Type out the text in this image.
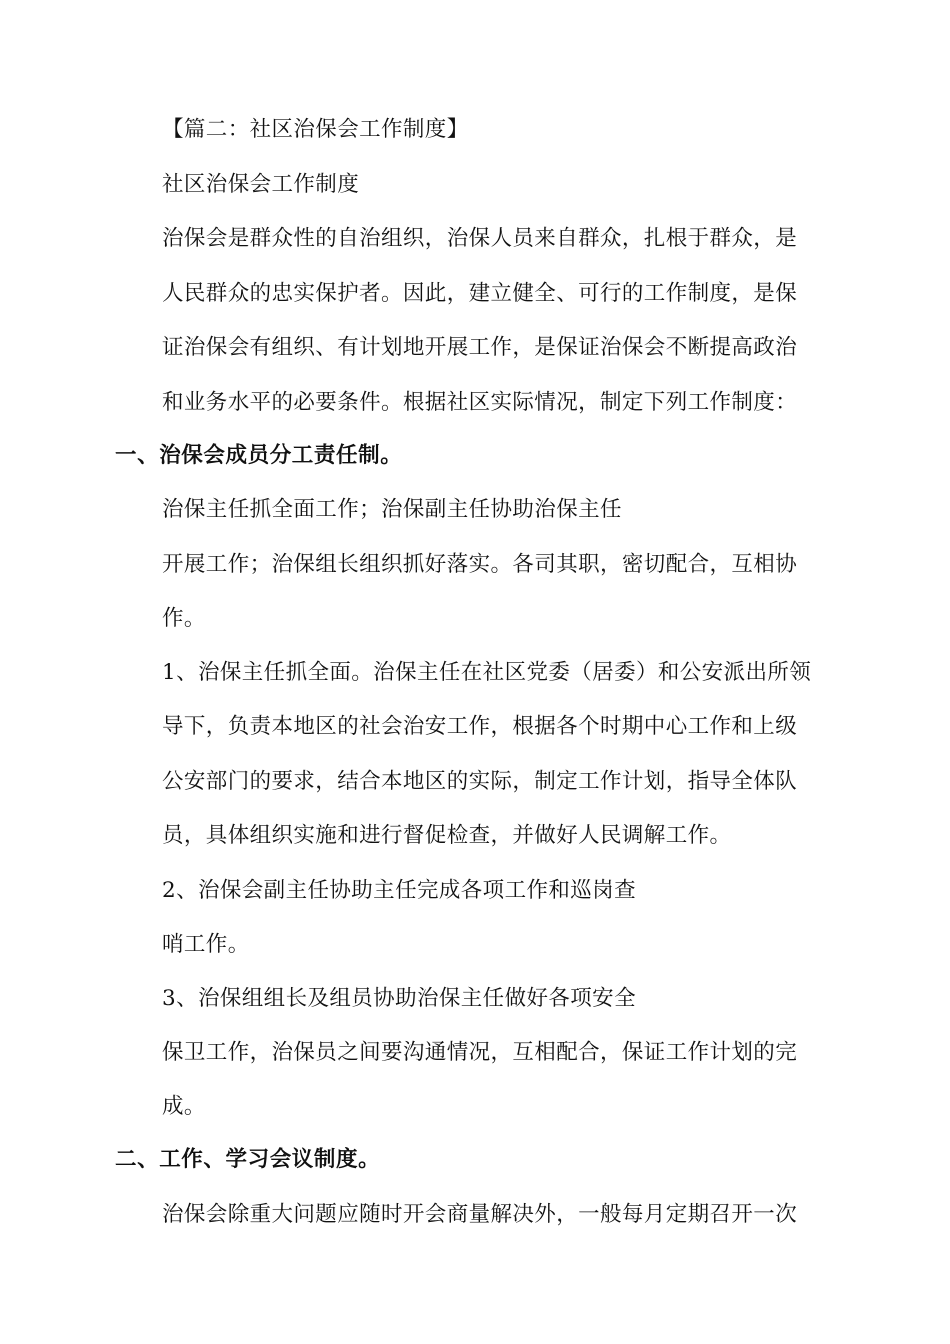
【篇二：社区治保会工作制度】
社区治保会工作制度
治保会是群众性的自治组织，治保人员来自群众，扎根于群众，是
人民群众的忠实保护者。因此，建立健全、可行的工作制度，是保
证治保会有组织、有计划地开展工作，是保证治保会不断提高政治
和业务水平的必要条件。根据社区实际情况，制定下列工作制度：
一、治保会成员分工责任制。
治保主任抓全面工作；治保副主任协助治保主任
开展工作；治保组长组织抓好落实。各司其职，密切配合，互相协
作。
1、治保主任抓全面。治保主任在社区党委（居委）和公安派出所领
导下，负责本地区的社会治安工作，根据各个时期中心工作和上级
公安部门的要求，结合本地区的实际，制定工作计划，指导全体队
员，具体组织实施和进行督促检查，并做好人民调解工作。
2、治保会副主任协助主任完成各项工作和巡岗查
哨工作。
3、治保组组长及组员协助治保主任做好各项安全
保卫工作，治保员之间要沟通情况，互相配合，保证工作计划的完
成。
二、工作、学习会议制度。
治保会除重大问题应随时开会商量解决外，一般每月定期召开一次
